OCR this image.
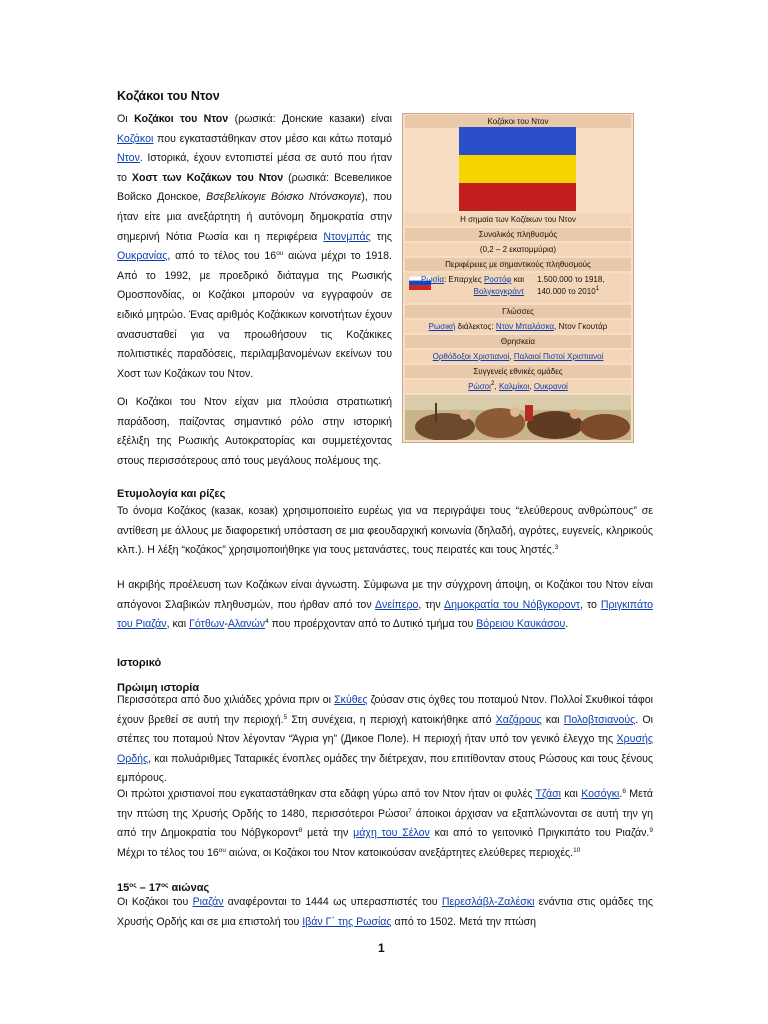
Κοζάκοι του Ντον

Οι Κοζάκοι του Ντον (ρωσικά: Донские казаки) είναι Κοζάκοι που εγκαταστάθηκαν στον μέσο και κάτω ποταμό Ντον. Ιστορικά, έχουν εντοπιστεί μέσα σε αυτό που ήταν το Χοστ των Κοζάκων του Ντον (ρωσικά: Всевеликое Войско Донское, Βσεβελίκογιε Βόισκο Ντόνσκογιε), που ήταν είτε μια ανεξάρτητη ή αυτόνομη δημοκρατία στην σημερινή Νότια Ρωσία και η περιφέρεια Ντονμπάς της Ουκρανίας, από το τέλος του $16^{o\upsilon}$ αιώνα μέχρι το 1918. Από το 1992, με προεδρικό διάταγμα της Ρωσικής Ομοσπονδίας, οι Κοζάκοι μπορούν να εγγραφούν σε ειδικό μητρώο. Ένας αριθμός Κοζάκικων κοινοτήτων έχουν ανασυσταθεί για να προωθήσουν τις Κοζάκικες πολιτιστικές παραδόσεις, περιλαμβανομένων εκείνων του Χοστ των Κοζάκων του Ντον.

Οι Κοζάκοι του Ντον είχαν μια πλούσια στρατιωτική παράδοση, παίζοντας σημαντικό ρόλο στην ιστορική εξέλιξη της Ρωσικής Αυτοκρατορίας και συμμετέχοντας στους περισσότερους από τους μεγάλους πολέμους της.

Κοζάκοι του Ντον
Η σημαία των Κοζάκων του Ντον
Συνολικός πληθυσμός
(0,2 – 2 εκατομμύρια)
Περιφέρειες με σημαντικούς πληθυσμούς
Ρωσία: Επαρχίες Ροστόφ και Βολγκογκράντ
1.500.000 το 1918,
140.000 το 2010$^1$
Γλώσσες
Ρωσική διάλεκτος: Ντον Μπαλάσκα, Ντον Γκουτάρ
Θρησκεία
Ορθόδοξοι Χριστιανοί, Παλαιοί Πιστοί Χριστιανοί
Συγγενείς εθνικές ομάδες
Ρώσοι$^2$, Καλμίκοι, Ουκρανοί
Ετυμολογία και ρίζες

Το όνομα Κοζάκος (казак, козак) χρησιμοποιείτο ευρέως για να περιγράψει τους “ελεύθερους ανθρώπους” σε αντίθεση με άλλους με διαφορετική υπόσταση σε μια φεουδαρχική κοινωνία (δηλαδή, αγρότες, ευγενείς, κληρικούς κλπ.). Η λέξη “κοζάκος” χρησιμοποιήθηκε για τους μετανάστες, τους πειρατές και τους ληστές.$^3$

Η ακριβής προέλευση των Κοζάκων είναι άγνωστη. Σύμφωνα με την σύγχρονη άποψη, οι Κοζάκοι του Ντον είναι απόγονοι Σλαβικών πληθυσμών, που ήρθαν από τον Δνείπερο, την Δημοκρατία του Νόβγκοροντ, το Πριγκιπάτο του Ριαζάν, και Γότθων-Αλανών$^4$ που προέρχονταν από το Δυτικό τμήμα του Βόρειου Καυκάσου.

Ιστορικό
Πρώιμη ιστορία

Περισσότερα από δυο χιλιάδες χρόνια πριν οι Σκύθες ζούσαν στις όχθες του ποταμού Ντον. Πολλοί Σκυθικοί τάφοι έχουν βρεθεί σε αυτή την περιοχή.$^5$ Στη συνέχεια, η περιοχή κατοικήθηκε από Χαζάρους και Πολοβτσιανούς. Οι στέπες του ποταμού Ντον λέγονταν “Άγρια γη” (Дикое Поле). Η περιοχή ήταν υπό τον γενικό έλεγχο της Χρυσής Ορδής, και πολυάριθμες Ταταρικές ένοπλες ομάδες την διέτρεχαν, που επιτίθονταν στους Ρώσους και τους ξένους εμπόρους.

Οι πρώτοι χριστιανοί που εγκαταστάθηκαν στα εδάφη γύρω από τον Ντον ήταν οι φυλές Τζάσι και Κοσόγκι.$^6$ Μετά την πτώση της Χρυσής Ορδής το 1480, περισσότεροι Ρώσοι$^7$ άποικοι άρχισαν να εξαπλώνονται σε αυτή την γη από την Δημοκρατία του Νόβγκοροντ$^8$ μετά την μάχη του Σέλον και από το γειτονικό Πριγκιπάτο του Ριαζάν.$^9$ Μέχρι το τέλος του $16^{o\upsilon}$ αιώνα, οι Κοζάκοι του Ντον κατοικούσαν ανεξάρτητες ελεύθερες περιοχές.$^{10}$

$15^{o\varsigma} - 17^{o\varsigma}$ αιώνας

Οι Κοζάκοι του Ριαζάν αναφέρονται το 1444 ως υπερασπιστές του Περεσλάβλ-Ζαλέσκι ενάντια στις ομάδες της Χρυσής Ορδής και σε μια επιστολή του Ιβάν Γ΄ της Ρωσίας από το 1502. Μετά την πτώση

1
